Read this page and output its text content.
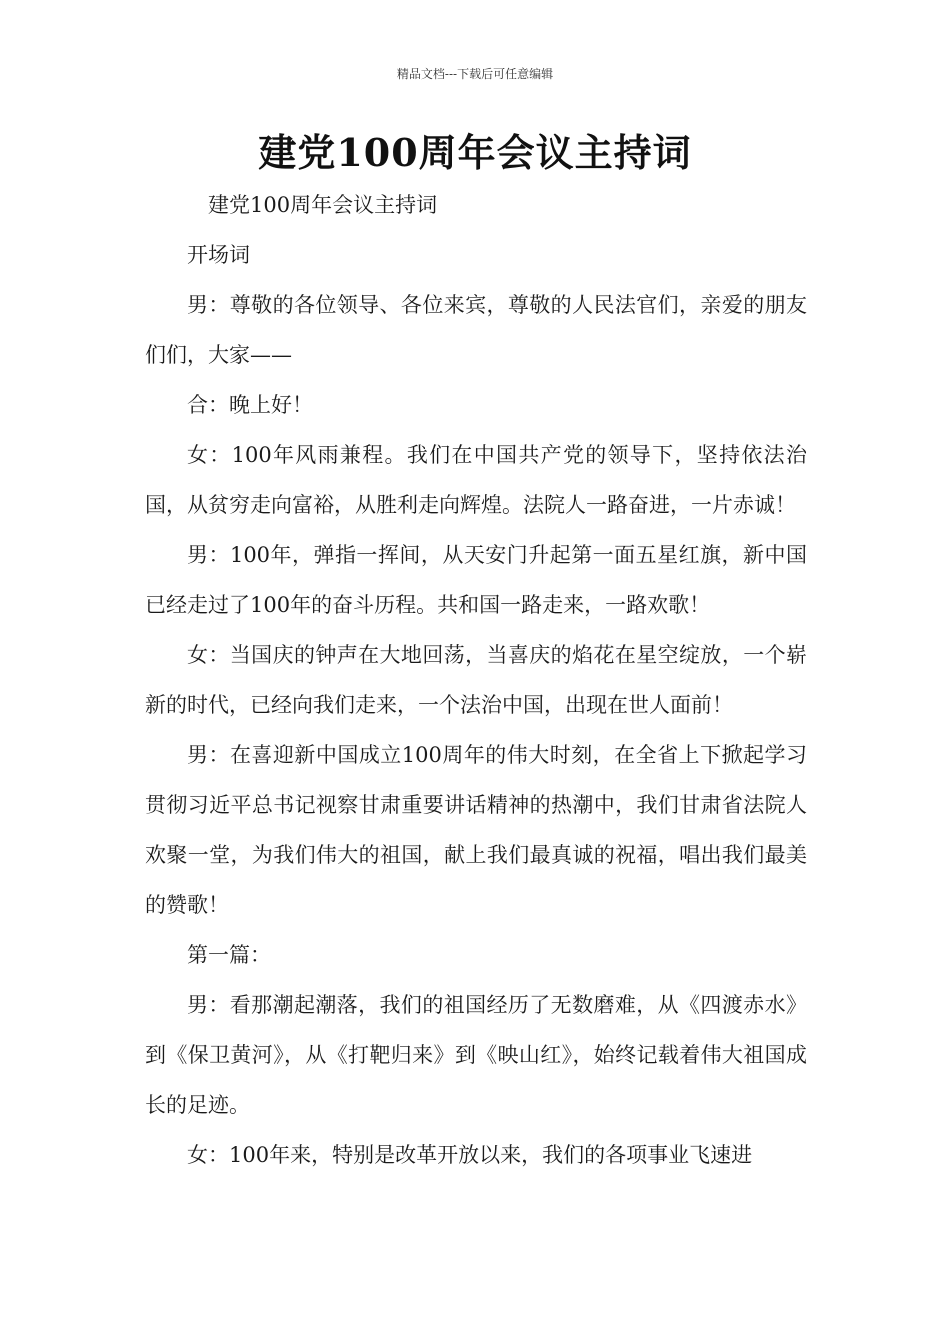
精品文档---下载后可任意编辑
建党100周年会议主持词

建党100周年会议主持词

开场词

男：尊敬的各位领导、各位来宾，尊敬的人民法官们，亲爱的朋友们们，大家——

合：晚上好！

女：100年风雨兼程。我们在中国共产党的领导下，坚持依法治国，从贫穷走向富裕，从胜利走向辉煌。法院人一路奋进，一片赤诚！

男：100年，弹指一挥间，从天安门升起第一面五星红旗，新中国已经走过了100年的奋斗历程。共和国一路走来，一路欢歌！

女：当国庆的钟声在大地回荡，当喜庆的焰花在星空绽放，一个崭新的时代，已经向我们走来，一个法治中国，出现在世人面前！

男：在喜迎新中国成立100周年的伟大时刻，在全省上下掀起学习贯彻习近平总书记视察甘肃重要讲话精神的热潮中，我们甘肃省法院人欢聚一堂，为我们伟大的祖国，献上我们最真诚的祝福，唱出我们最美的赞歌！

第一篇：

男：看那潮起潮落，我们的祖国经历了无数磨难，从《四渡赤水》到《保卫黄河》，从《打靶归来》到《映山红》，始终记载着伟大祖国成长的足迹。

女：100年来，特别是改革开放以来，我们的各项事业飞速进
